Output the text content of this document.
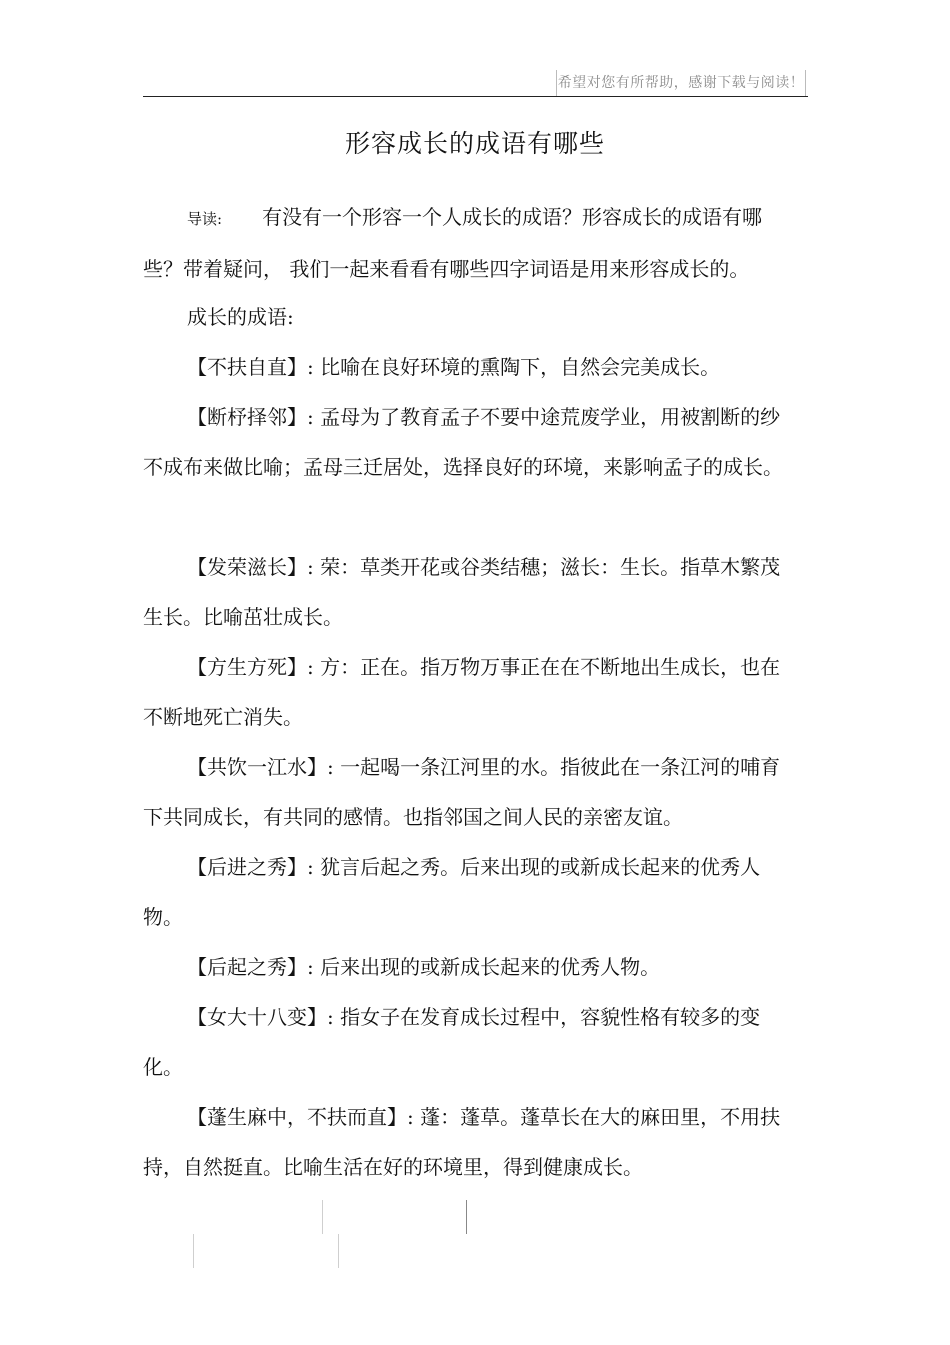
希望对您有所帮助，感谢下载与阅读！
形容成长的成语有哪些
导读: 有没有一个形容一个人成长的成语？形容成长的成语有哪些？带着疑问， 我们一起来看看有哪些四字词语是用来形容成长的。
成长的成语:
【不扶自直】: 比喻在良好环境的熏陶下，自然会完美成长。
【断杼择邻】: 孟母为了教育孟子不要中途荒废学业，用被割断的纱不成布来做比喻；孟母三迁居处，选择良好的环境，来影响孟子的成长。
【发荣滋长】: 荣：草类开花或谷类结穗；滋长：生长。指草木繁茂生长。比喻茁壮成长。
【方生方死】: 方：正在。指万物万事正在在不断地出生成长，也在不断地死亡消失。
【共饮一江水】: 一起喝一条江河里的水。指彼此在一条江河的哺育下共同成长，有共同的感情。也指邻国之间人民的亲密友谊。
【后进之秀】: 犹言后起之秀。后来出现的或新成长起来的优秀人物。
【后起之秀】: 后来出现的或新成长起来的优秀人物。
【女大十八变】: 指女子在发育成长过程中，容貌性格有较多的变化。
【蓬生麻中，不扶而直】: 蓬：蓬草。蓬草长在大的麻田里，不用扶持，自然挺直。比喻生活在好的环境里，得到健康成长。
